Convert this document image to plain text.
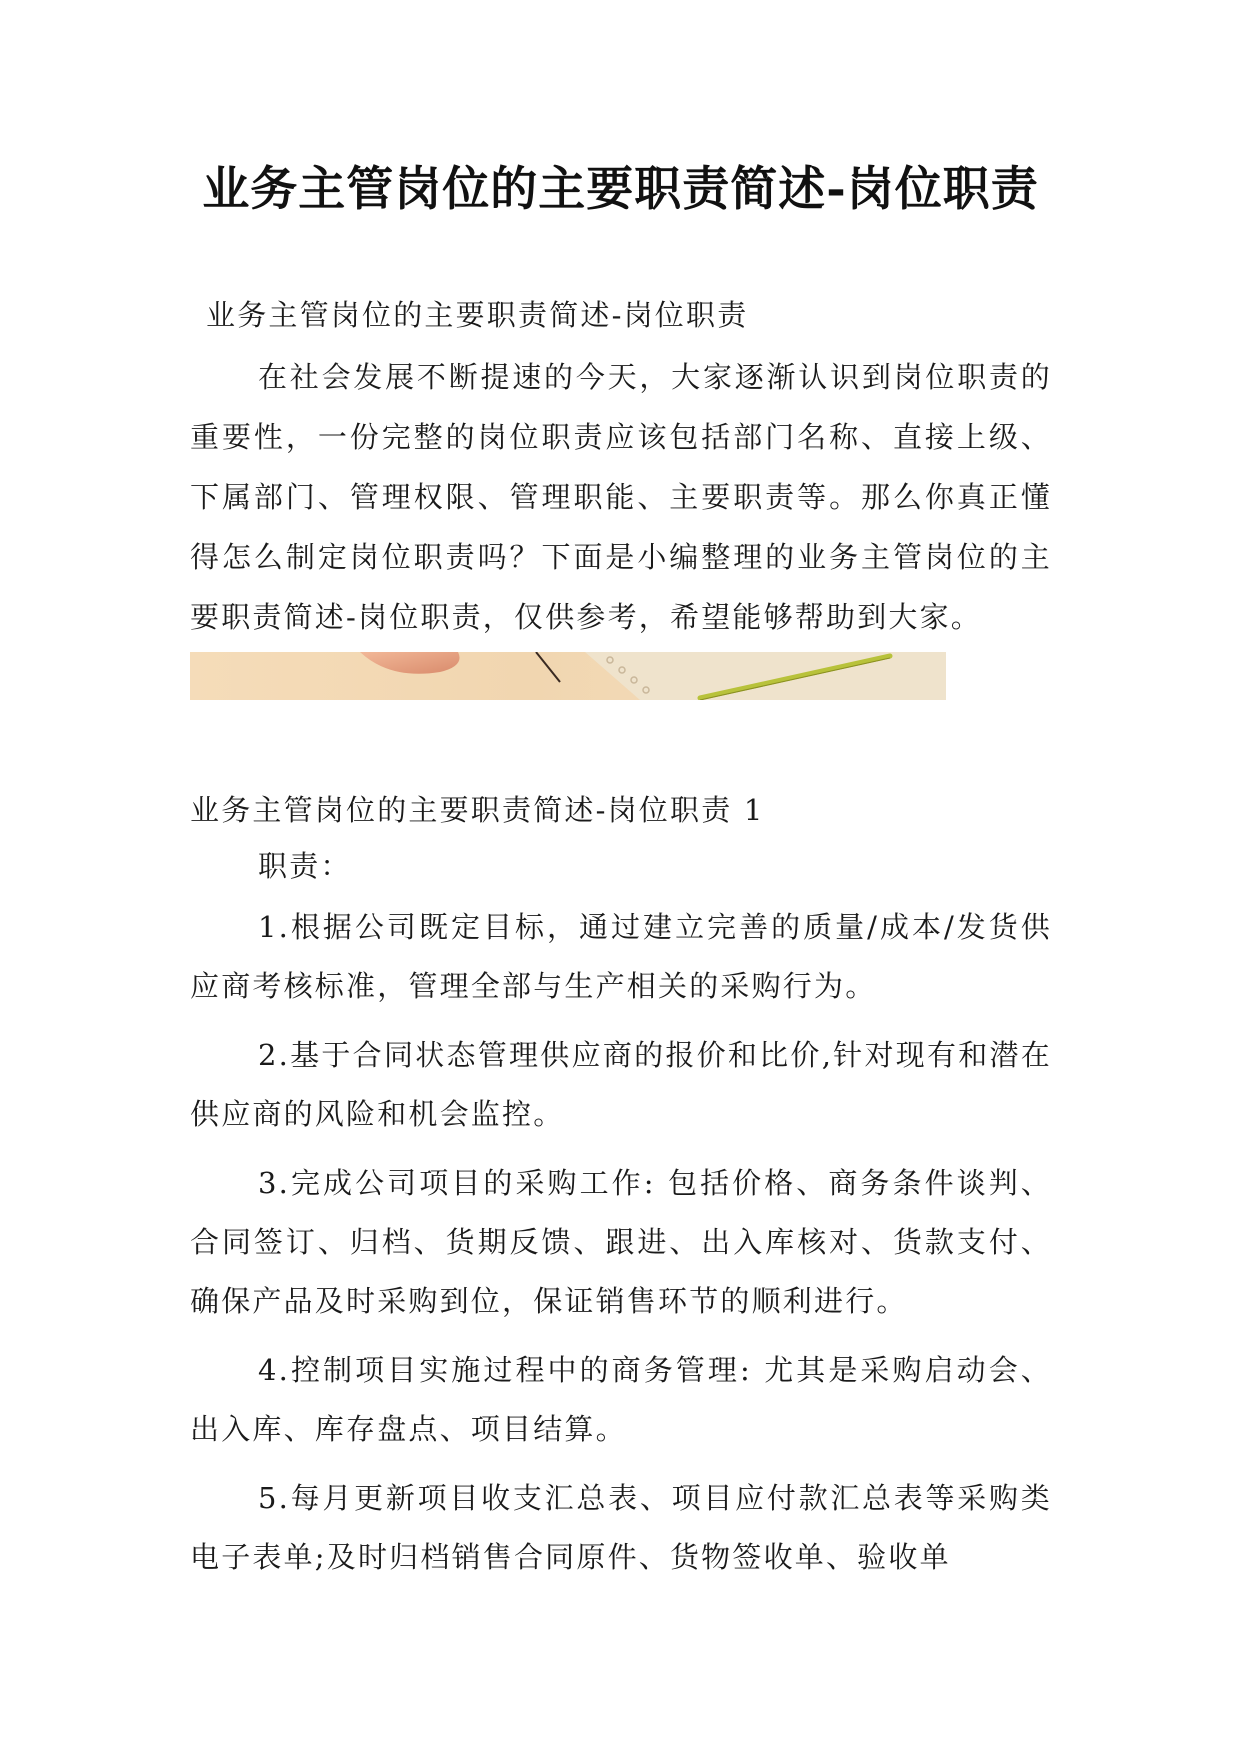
业务主管岗位的主要职责简述-岗位职责

业务主管岗位的主要职责简述-岗位职责

在社会发展不断提速的今天，大家逐渐认识到岗位职责的重要性，一份完整的岗位职责应该包括部门名称、直接上级、下属部门、管理权限、管理职能、主要职责等。那么你真正懂得怎么制定岗位职责吗？下面是小编整理的业务主管岗位的主要职责简述-岗位职责，仅供参考，希望能够帮助到大家。

业务主管岗位的主要职责简述-岗位职责 1

职责：

1.根据公司既定目标，通过建立完善的质量/成本/发货供应商考核标准，管理全部与生产相关的采购行为。

2.基于合同状态管理供应商的报价和比价,针对现有和潜在供应商的风险和机会监控。

3.完成公司项目的采购工作: 包括价格、商务条件谈判、合同签订、归档、货期反馈、跟进、出入库核对、货款支付、确保产品及时采购到位，保证销售环节的顺利进行。

4.控制项目实施过程中的商务管理: 尤其是采购启动会、出入库、库存盘点、项目结算。

5.每月更新项目收支汇总表、项目应付款汇总表等采购类电子表单;及时归档销售合同原件、货物签收单、验收单
